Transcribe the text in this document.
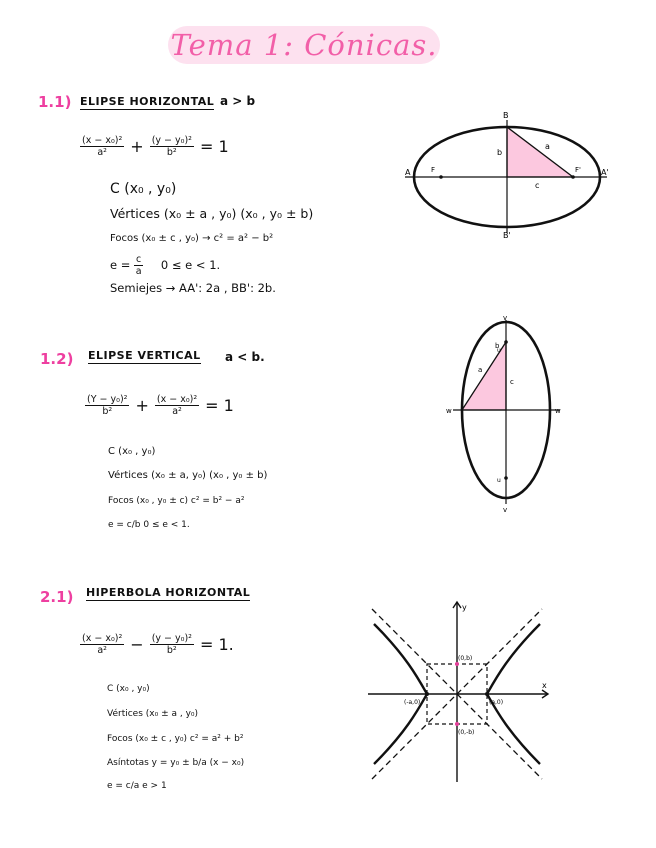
Tema 1: Cónicas.
1.1) ELIPSE HORIZONTAL a > b
$\frac{\text{(x − x₀)²}}{\text{a²}} + \frac{\text{(y − y₀)²}}{\text{b²}} = 1$
C (x₀ , y₀)
Vértices (x₀ ± a , y₀) (x₀ , y₀ ± b)
Focos (x₀ ± c , y₀) → c² = a² − b²
$e = \frac{c}{a} 0 \le e < 1$.
Semiejes → AA': 2a , BB': 2b.
B
B'
A	A'
F	F'
a
b
c
1.2) ELIPSE VERTICAL a < b.
$\frac{\text{(Y − y₀)²}}{\text{b²}} + \frac{\text{(x − x₀)²}}{\text{a²}} = 1$
C (x₀ , y₀)
Vértices (x₀ ± a, y₀) (x₀ , y₀ ± b)
Focos (x₀ , y₀ ± c) c² = b² − a²
e = c/b 0 ≤ e < 1.
v
v
w	w
b
a
c
u
u
2.1) HIPERBOLA HORIZONTAL
$\frac{\text{(x − x₀)²}}{\text{a²}} - \frac{\text{(y − y₀)²}}{\text{b²}} = 1$.
C (x₀ , y₀)
Vértices (x₀ ± a , y₀)
Focos (x₀ ± c , y₀) c² = a² + b²
Asíntotas y = y₀ ± b/a (x − x₀)
e = c/a e > 1
y
x
(0,b)
(0,-b)
(-a,0)	(a,0)
